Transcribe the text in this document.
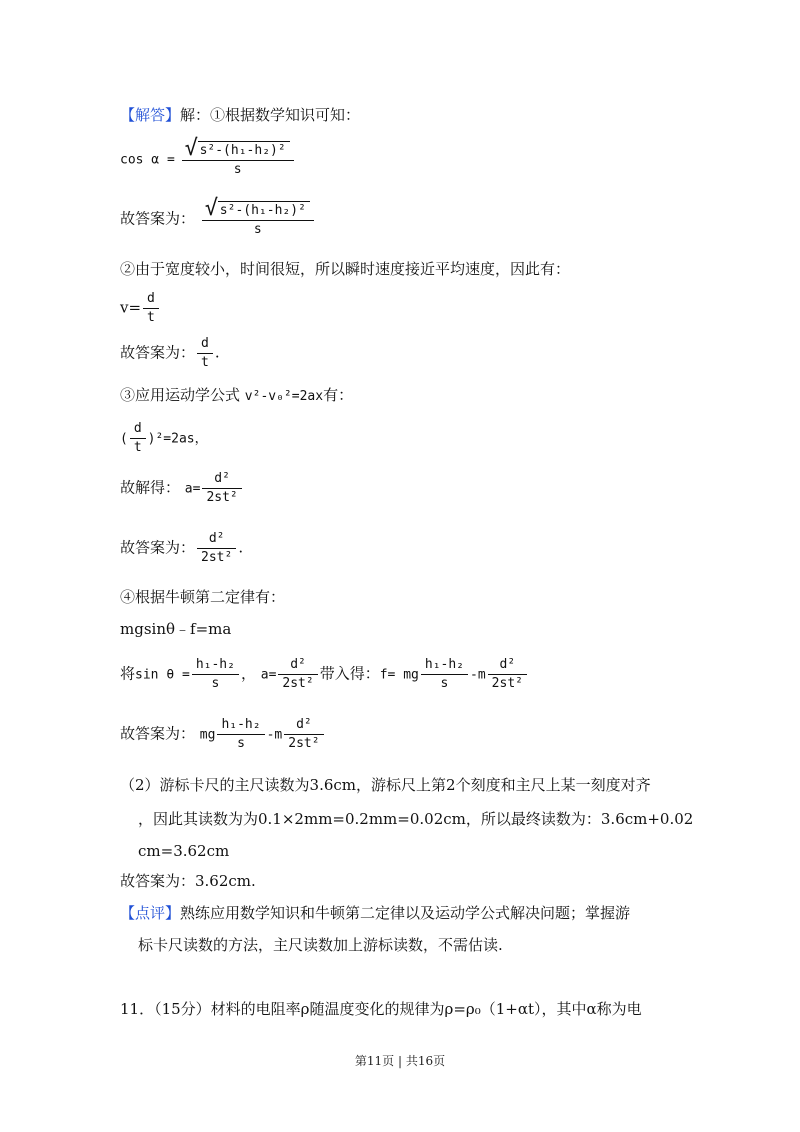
【解答】解：①根据数学知识可知：
cos α = √ $\frac{\text{s²-(h₁-h₂)²}}{s}$
故答案为： √ $\frac{\text{s²-(h₁-h₂)²}}{s}$
②由于宽度较小，时间很短，所以瞬时速度接近平均速度，因此有：
$v= \frac{d}{t}$
故答案为： $\frac{d}{t}$ .
③应用运动学公式 v²-v₀²=2ax有：
( $\frac{d}{t} )^2=2as$，
故解得： $a= \frac{\text{d²}}{\text{2st²}}$
故答案为： $\frac{\text{d²}}{\text{2st²}}$ .
④根据牛顿第二定律有：
mgsinθ﹣f=ma
将$\sin \theta = \frac{\text{h₁-h₂}}{s}$ ， $a= \frac{\text{d²}}{\text{2st²}}$ 带入得：f= mg $\frac{\text{h₁-h₂}}{s} -m \frac{\text{d²}}{\text{2st²}}$
故答案为： mg $\frac{\text{h₁-h₂}}{s} -m \frac{\text{d²}}{\text{2st²}}$
（2）游标卡尺的主尺读数为3.6cm，游标尺上第2个刻度和主尺上某一刻度对齐
，因此其读数为为0.1×2mm=0.2mm=0.02cm，所以最终读数为：3.6cm+0.02
cm=3.62cm
故答案为：3.62cm.
【点评】熟练应用数学知识和牛顿第二定律以及运动学公式解决问题；掌握游
标卡尺读数的方法，主尺读数加上游标读数，不需估读.
11．（15分）材料的电阻率ρ随温度变化的规律为ρ=ρ₀（1+αt），其中α称为电
第11页 | 共16页
